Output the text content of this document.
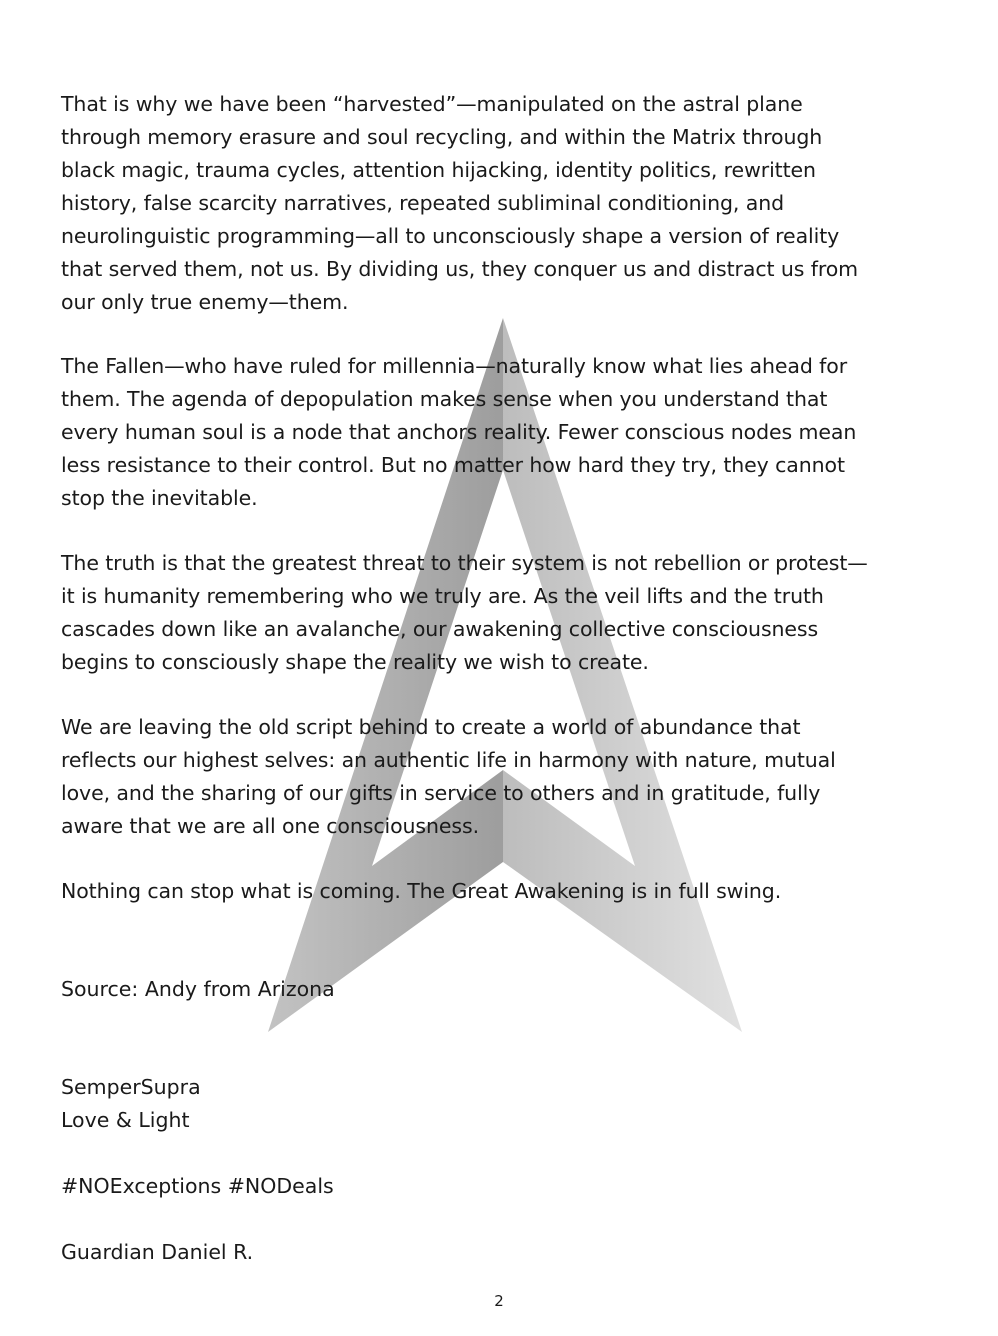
That is why we have been “harvested”—manipulated on the astral plane
through memory erasure and soul recycling, and within the Matrix through
black magic, trauma cycles, attention hijacking, identity politics, rewritten
history, false scarcity narratives, repeated subliminal conditioning, and
neurolinguistic programming—all to unconsciously shape a version of reality
that served them, not us. By dividing us, they conquer us and distract us from
our only true enemy—them.

The Fallen—who have ruled for millennia—naturally know what lies ahead for
them. The agenda of depopulation makes sense when you understand that
every human soul is a node that anchors reality. Fewer conscious nodes mean
less resistance to their control. But no matter how hard they try, they cannot
stop the inevitable.

The truth is that the greatest threat to their system is not rebellion or protest—
it is humanity remembering who we truly are. As the veil lifts and the truth
cascades down like an avalanche, our awakening collective consciousness
begins to consciously shape the reality we wish to create.

We are leaving the old script behind to create a world of abundance that
reflects our highest selves: an authentic life in harmony with nature, mutual
love, and the sharing of our gifts in service to others and in gratitude, fully
aware that we are all one consciousness.

Nothing can stop what is coming. The Great Awakening is in full swing.

Source: Andy from Arizona

SemperSupra

Love & Light

#NOExceptions #NODeals

Guardian Daniel R.

2
